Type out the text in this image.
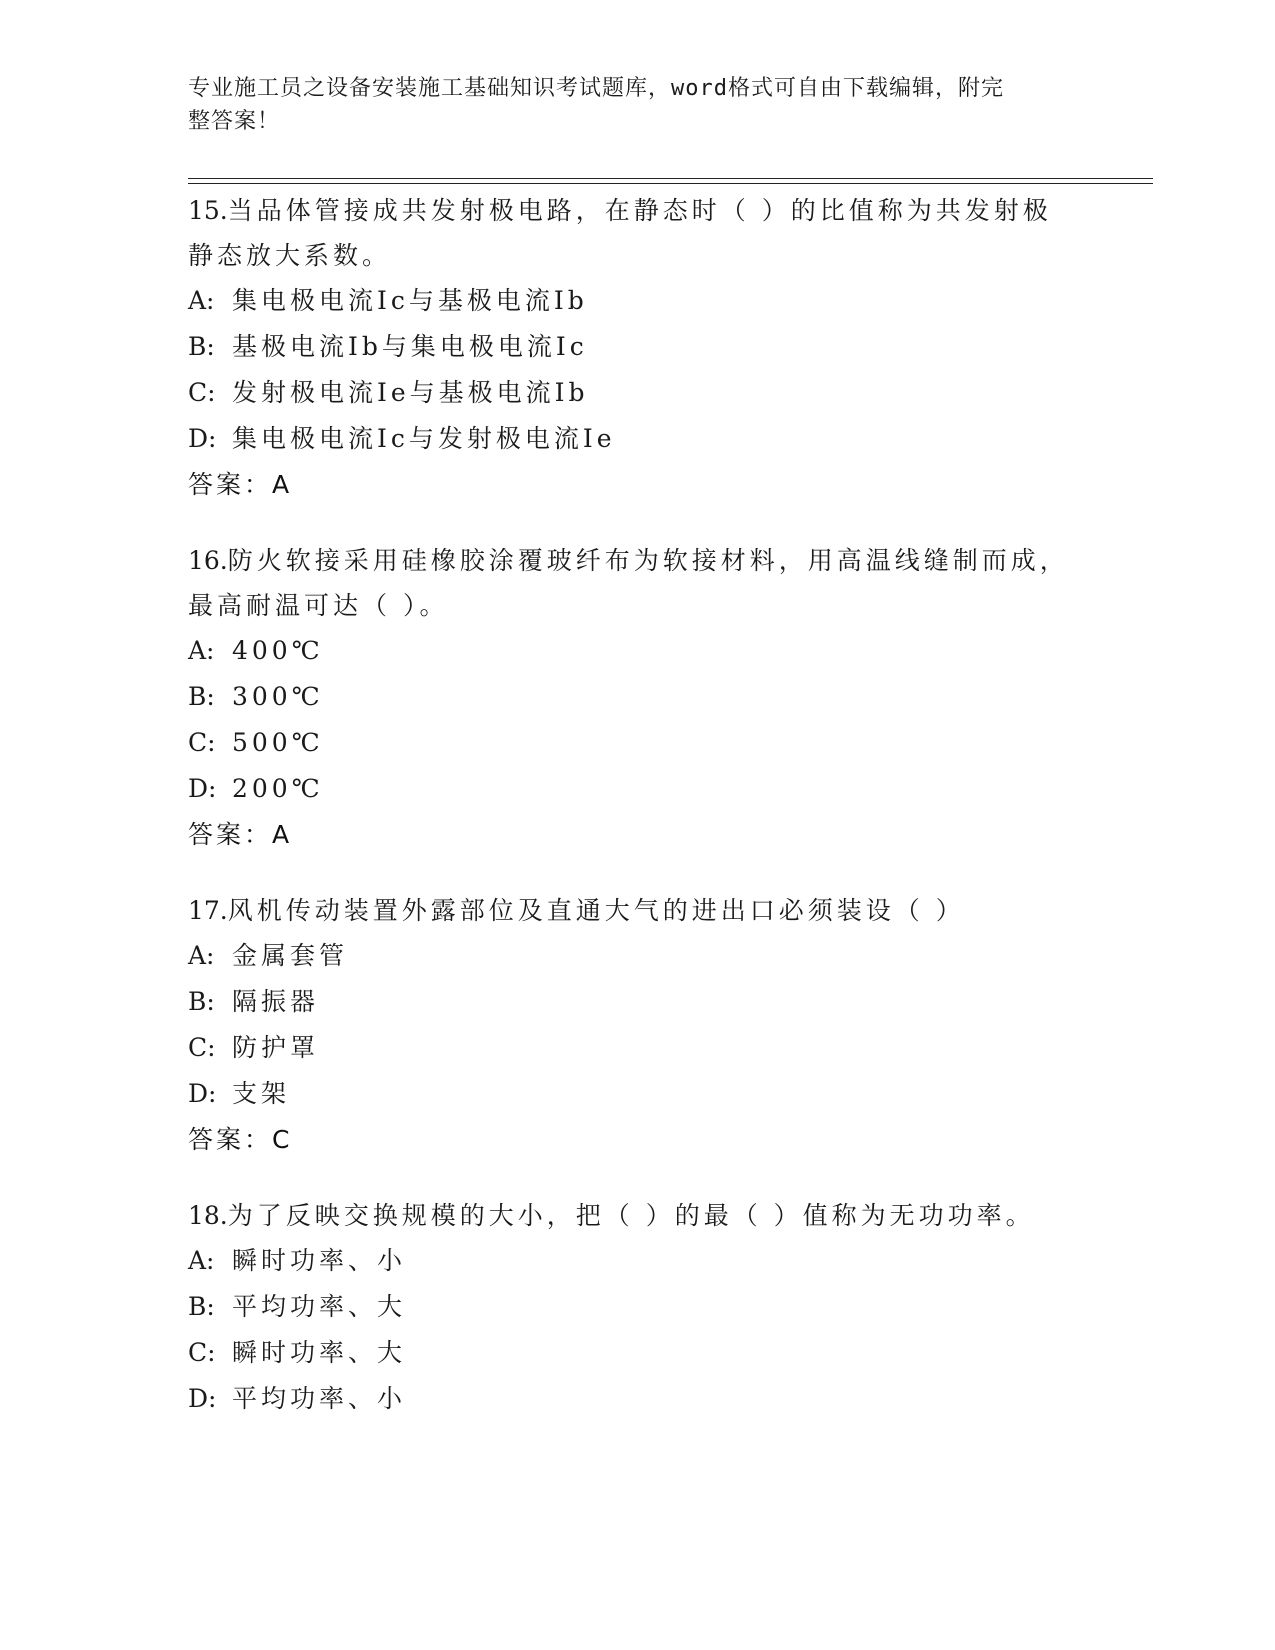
专业施工员之设备安装施工基础知识考试题库，word格式可自由下载编辑，附完
整答案！

15.当品体管接成共发射极电路，在静态时（ ）的比值称为共发射极

静态放大系数。

A: 集电极电流Ic与基极电流Ib

B: 基极电流Ib与集电极电流Ic

C: 发射极电流Ie与基极电流Ib

D: 集电极电流Ic与发射极电流Ie

答案：A

16.防火软接采用硅橡胶涂覆玻纤布为软接材料，用高温线缝制而成，

最高耐温可达（ ）。

A: 400℃

B: 300℃

C: 500℃

D: 200℃

答案：A

17.风机传动装置外露部位及直通大气的进出口必须装设（ ）

A: 金属套管

B: 隔振器

C: 防护罩

D: 支架

答案：C

18.为了反映交换规模的大小，把（ ）的最（ ）值称为无功功率。

A: 瞬时功率、小

B: 平均功率、大

C: 瞬时功率、大

D: 平均功率、小
